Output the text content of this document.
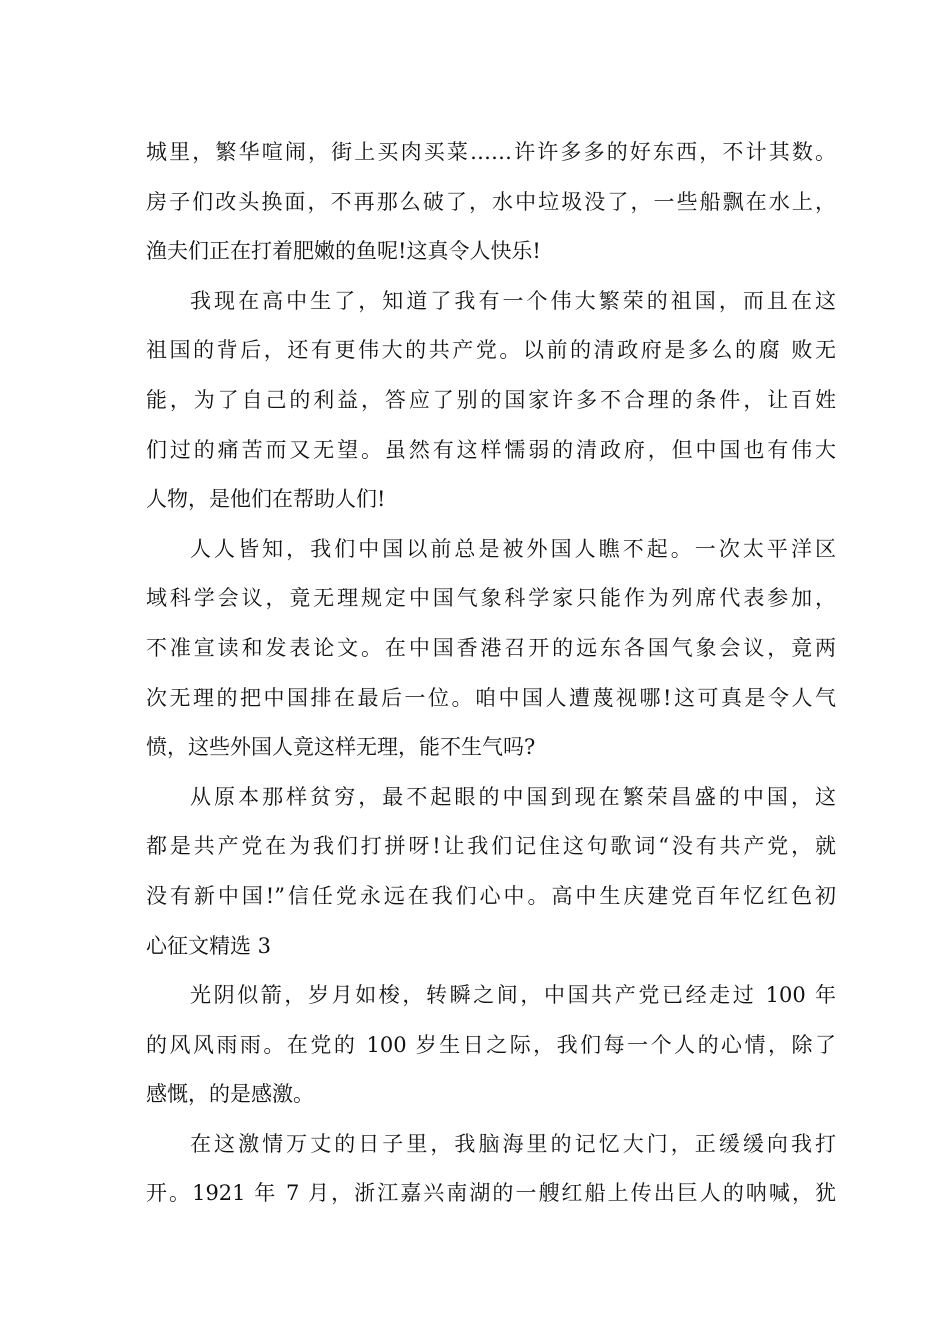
城里，繁华喧闹，街上买肉买菜……许许多多的好东西，不计其数。
房子们改头换面，不再那么破了，水中垃圾没了，一些船飘在水上，
渔夫们正在打着肥嫩的鱼呢!这真令人快乐!
我现在高中生了，知道了我有一个伟大繁荣的祖国，而且在这
祖国的背后，还有更伟大的共产党。以前的清政府是多么的腐 败无
能，为了自己的利益，答应了别的国家许多不合理的条件，让百姓
们过的痛苦而又无望。虽然有这样懦弱的清政府，但中国也有伟大
人物，是他们在帮助人们!
人人皆知，我们中国以前总是被外国人瞧不起。一次太平洋区
域科学会议，竟无理规定中国气象科学家只能作为列席代表参加，
不准宣读和发表论文。在中国香港召开的远东各国气象会议，竟两
次无理的把中国排在最后一位。咱中国人遭蔑视哪!这可真是令人气
愤，这些外国人竟这样无理，能不生气吗?
从原本那样贫穷，最不起眼的中国到现在繁荣昌盛的中国，这
都是共产党在为我们打拼呀!让我们记住这句歌词“没有共产党，就
没有新中国!”信任党永远在我们心中。高中生庆建党百年忆红色初
心征文精选 3
光阴似箭，岁月如梭，转瞬之间，中国共产党已经走过 100 年
的风风雨雨。在党的 100 岁生日之际，我们每一个人的心情，除了
感慨，的是感激。
在这激情万丈的日子里，我脑海里的记忆大门，正缓缓向我打
开。1921 年 7 月，浙江嘉兴南湖的一艘红船上传出巨人的呐喊，犹
